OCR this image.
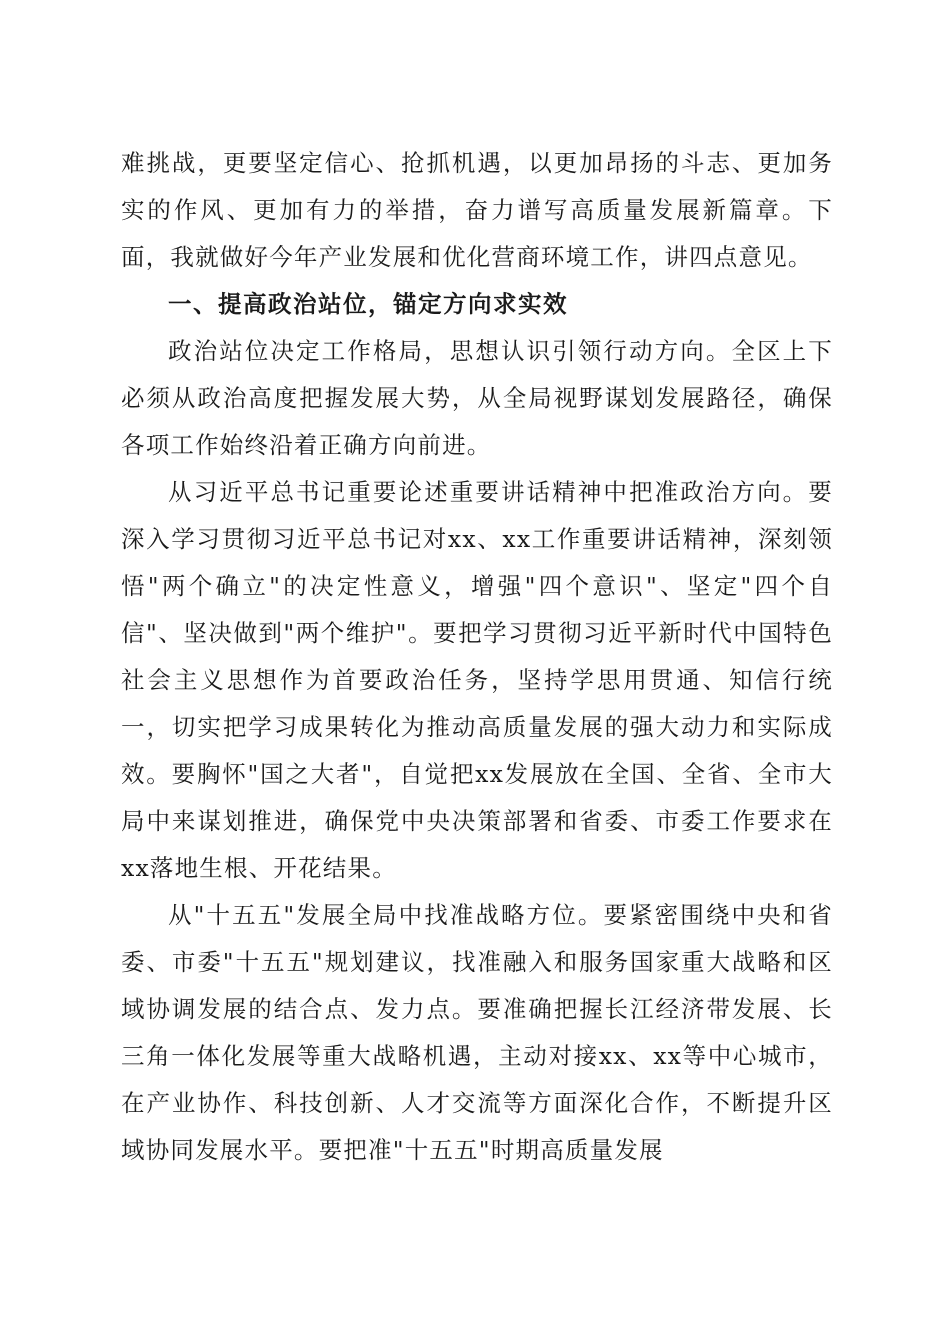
难挑战，更要坚定信心、抢抓机遇，以更加昂扬的斗志、更加务实的作风、更加有力的举措，奋力谱写高质量发展新篇章。下面，我就做好今年产业发展和优化营商环境工作，讲四点意见。

一、提高政治站位，锚定方向求实效

政治站位决定工作格局，思想认识引领行动方向。全区上下必须从政治高度把握发展大势，从全局视野谋划发展路径，确保各项工作始终沿着正确方向前进。

从习近平总书记重要论述重要讲话精神中把准政治方向。要深入学习贯彻习近平总书记对xx、xx工作重要讲话精神，深刻领悟"两个确立"的决定性意义，增强"四个意识"、坚定"四个自信"、坚决做到"两个维护"。要把学习贯彻习近平新时代中国特色社会主义思想作为首要政治任务，坚持学思用贯通、知信行统一，切实把学习成果转化为推动高质量发展的强大动力和实际成效。要胸怀"国之大者"，自觉把xx发展放在全国、全省、全市大局中来谋划推进，确保党中央决策部署和省委、市委工作要求在xx落地生根、开花结果。

从"十五五"发展全局中找准战略方位。要紧密围绕中央和省委、市委"十五五"规划建议，找准融入和服务国家重大战略和区域协调发展的结合点、发力点。要准确把握长江经济带发展、长三角一体化发展等重大战略机遇，主动对接xx、xx等中心城市，在产业协作、科技创新、人才交流等方面深化合作，不断提升区域协同发展水平。要把准"十五五"时期高质量发展
